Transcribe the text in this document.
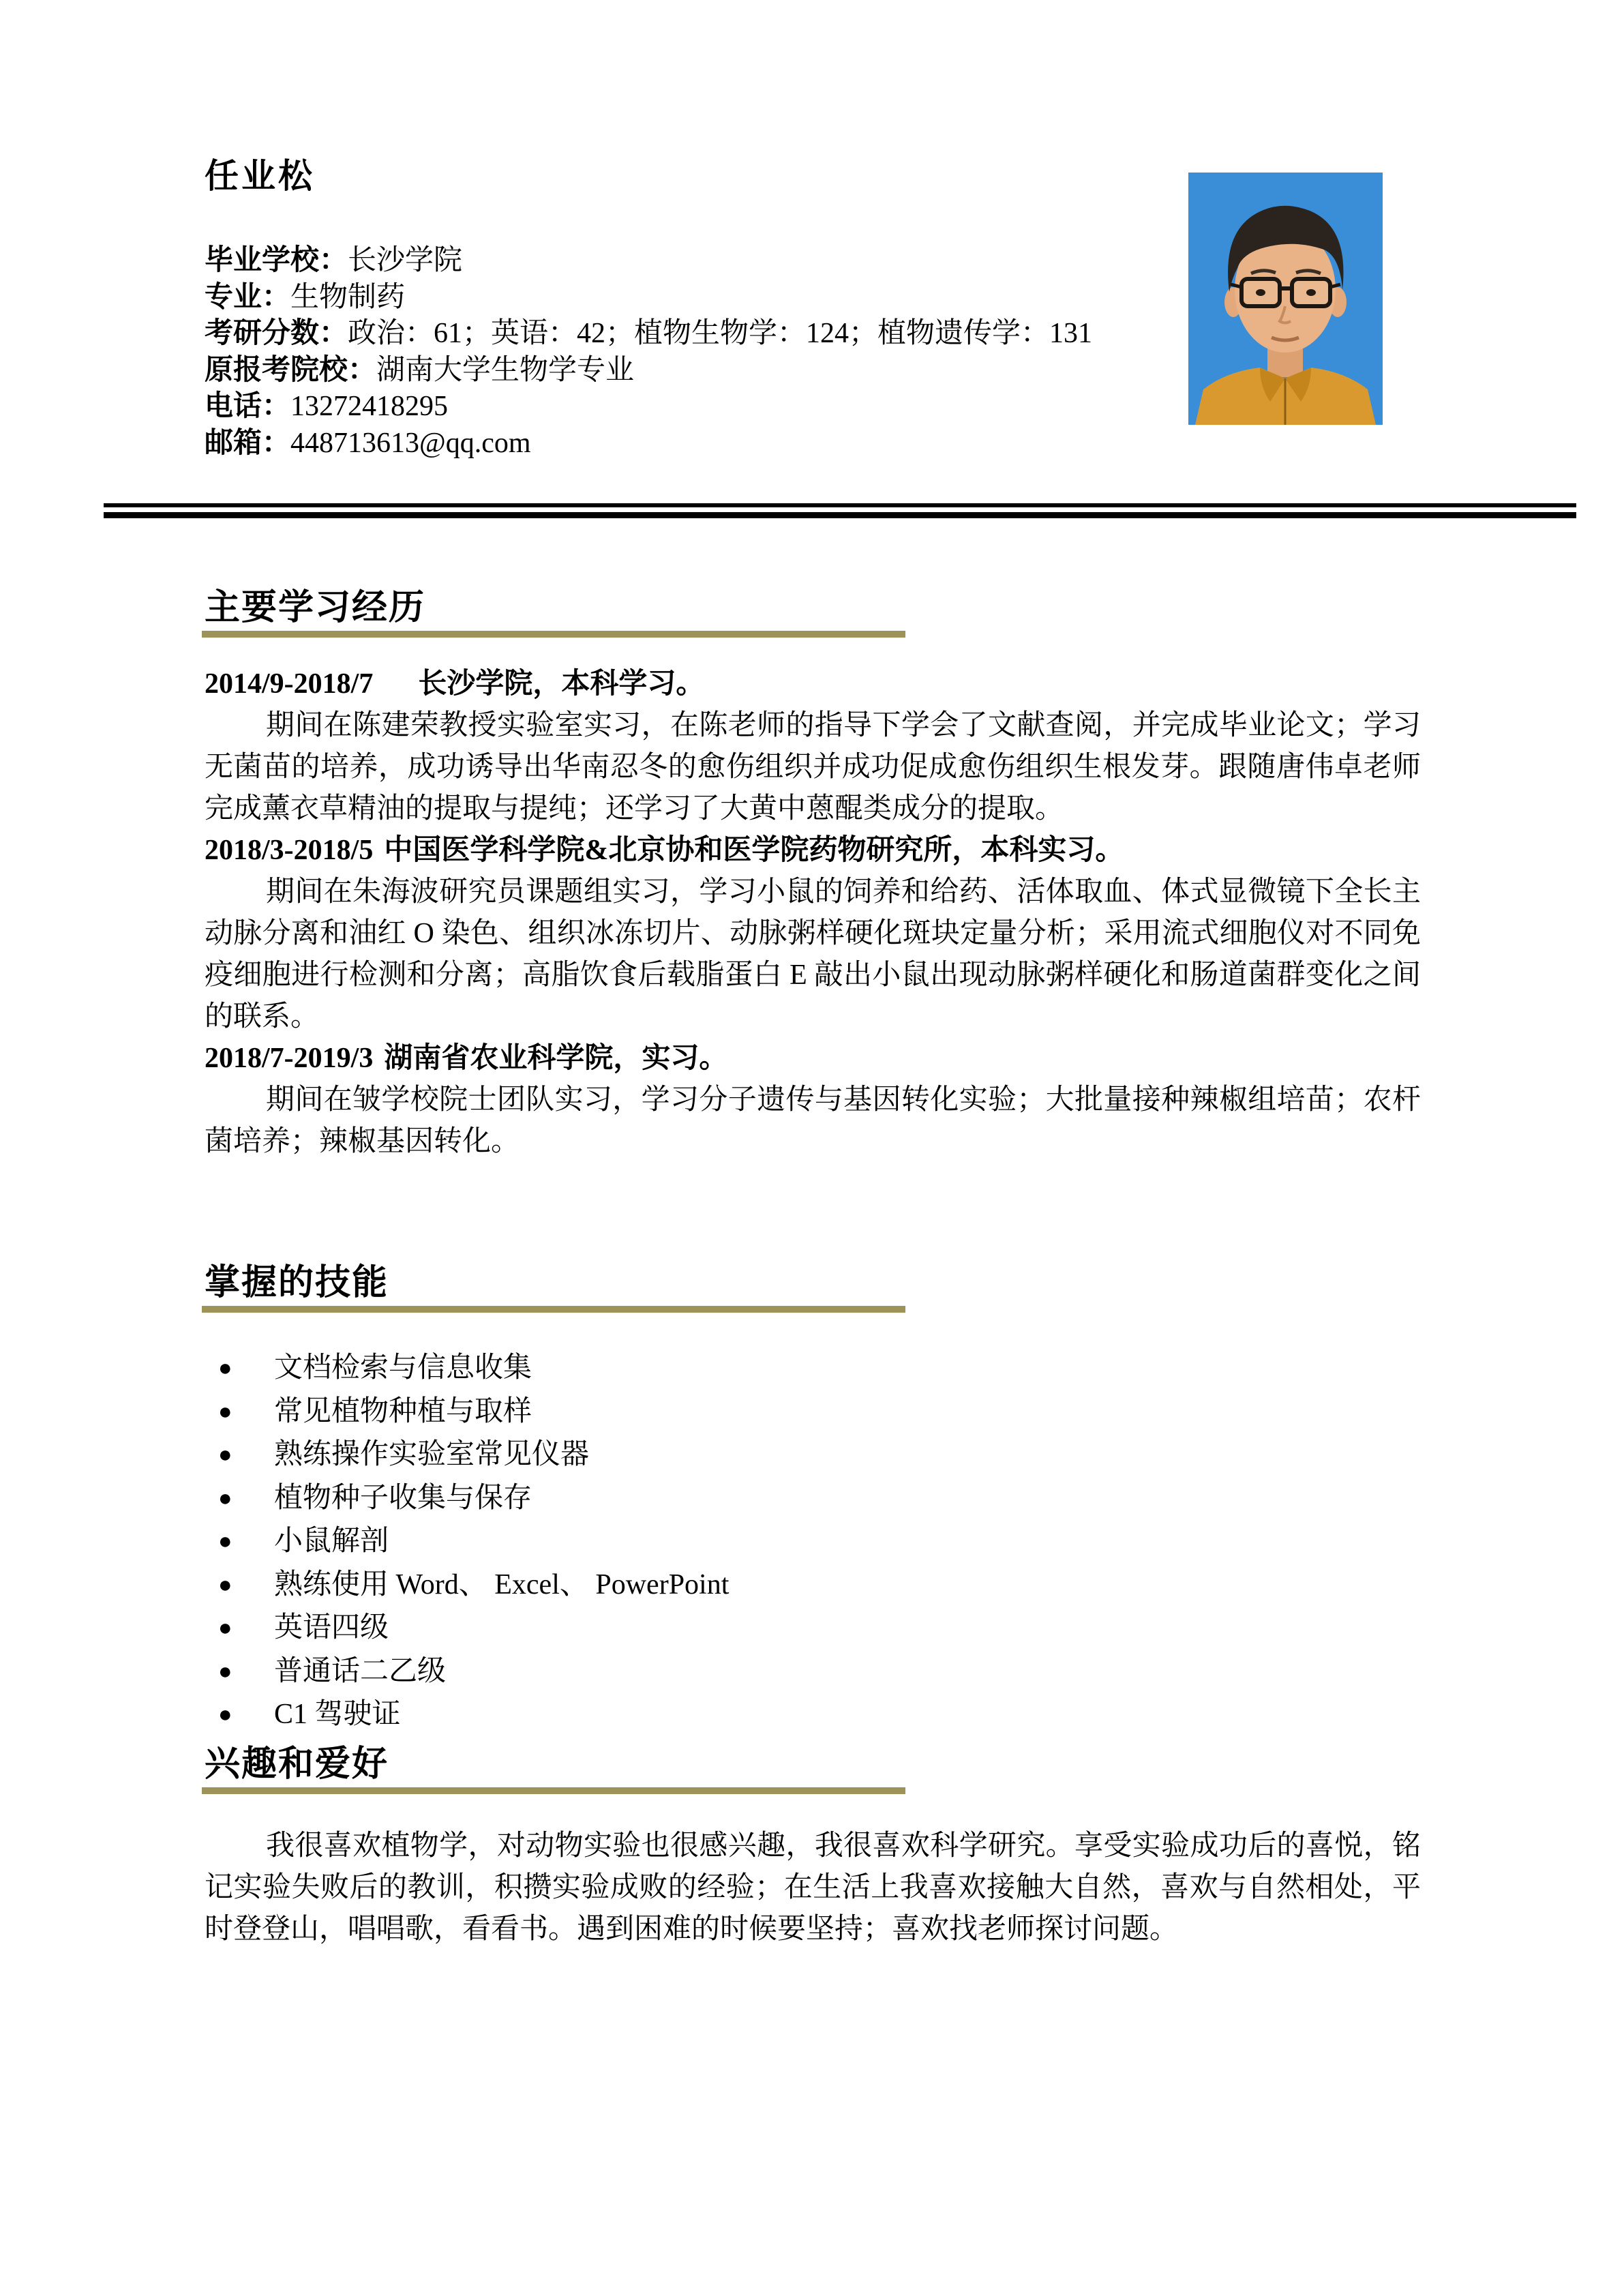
任业松
毕业学校：长沙学院
专业：生物制药
考研分数：政治：61；英语：42；植物生物学：124；植物遗传学：131
原报考院校：湖南大学生物学专业
电话：13272418295
邮箱：448713613@qq.com
主要学习经历
2014/9-2018/7 长沙学院，本科学习。

期间在陈建荣教授实验室实习，在陈老师的指导下学会了文献查阅，并完成毕业论文；学习无菌苗的培养，成功诱导出华南忍冬的愈伤组织并成功促成愈伤组织生根发芽。跟随唐伟卓老师完成薰衣草精油的提取与提纯；还学习了大黄中蒽醌类成分的提取。

2018/3-2018/5 中国医学科学院&北京协和医学院药物研究所，本科实习。

期间在朱海波研究员课题组实习，学习小鼠的饲养和给药、活体取血、体式显微镜下全长主动脉分离和油红 O 染色、组织冰冻切片、动脉粥样硬化斑块定量分析；采用流式细胞仪对不同免疫细胞进行检测和分离；高脂饮食后载脂蛋白 E 敲出小鼠出现动脉粥样硬化和肠道菌群变化之间的联系。

2018/7-2019/3 湖南省农业科学院，实习。

期间在皱学校院士团队实习，学习分子遗传与基因转化实验；大批量接种辣椒组培苗；农杆菌培养；辣椒基因转化。

掌握的技能
●	文档检索与信息收集
●	常见植物种植与取样
●	熟练操作实验室常见仪器
●	植物种子收集与保存
●	小鼠解剖
●	熟练使用 Word、 Excel、 PowerPoint
●	英语四级
●	普通话二乙级
●	C1 驾驶证
兴趣和爱好

我很喜欢植物学，对动物实验也很感兴趣，我很喜欢科学研究。享受实验成功后的喜悦，铭记实验失败后的教训，积攒实验成败的经验；在生活上我喜欢接触大自然，喜欢与自然相处，平时登登山，唱唱歌，看看书。遇到困难的时候要坚持；喜欢找老师探讨问题。
